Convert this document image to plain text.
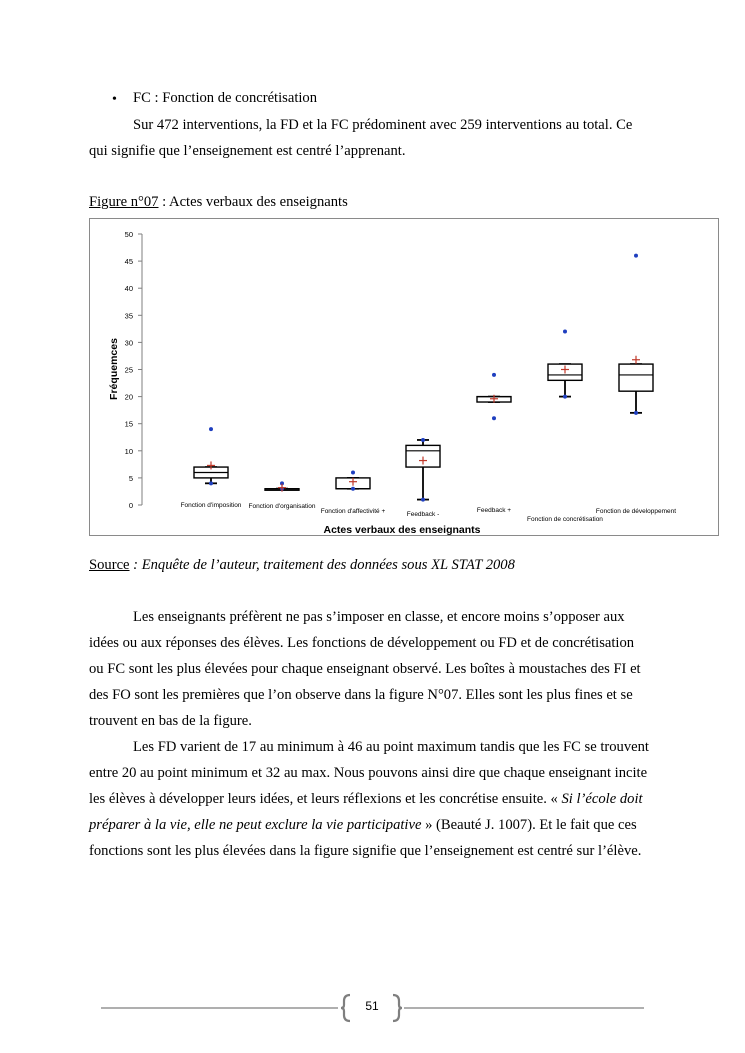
• FC : Fonction de concrétisation
Sur 472 interventions, la FD et la FC prédominent avec 259 interventions au total. Ce
qui signifie que l’enseignement est centré l’apprenant.
Figure n°07 : Actes verbaux des enseignants
0
5
10
15
20
25
30
35
40
45
50
Fonction d'imposition Fonction d'organisation
Fonction d'affectivité +	Feedback -
Feedback +
Fonction de concrétisation
Fonction de développement
Actes verbaux des enseignants
Fréquemces
Source : Enquête de l’auteur, traitement des données sous XL STAT 2008
Les enseignants préfèrent ne pas s’imposer en classe, et encore moins s’opposer aux
idées ou aux réponses des élèves. Les fonctions de développement ou FD et de concrétisation
ou FC sont les plus élevées pour chaque enseignant observé. Les boîtes à moustaches des FI et
des FO sont les premières que l’on observe dans la figure N°07. Elles sont les plus fines et se
trouvent en bas de la figure.
Les FD varient de 17 au minimum à 46 au point maximum tandis que les FC se trouvent
entre 20 au point minimum et 32 au max. Nous pouvons ainsi dire que chaque enseignant incite
les élèves à développer leurs idées, et leurs réflexions et les concrétise ensuite. « Si l’école doit
préparer à la vie, elle ne peut exclure la vie participative » (Beauté J. 1007). Et le fait que ces
fonctions sont les plus élevées dans la figure signifie que l’enseignement est centré sur l’élève.
51
